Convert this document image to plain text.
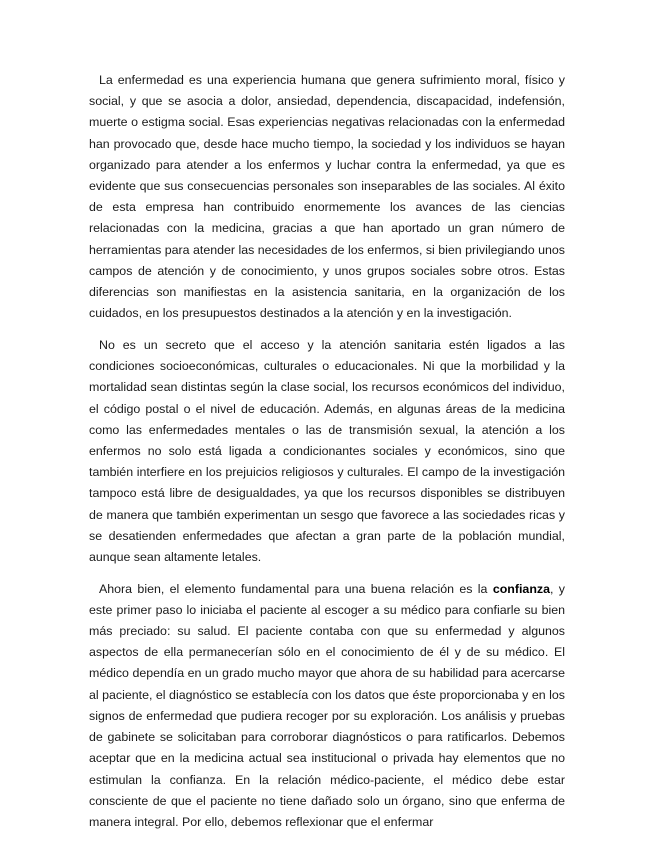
La enfermedad es una experiencia humana que genera sufrimiento moral, físico y social, y que se asocia a dolor, ansiedad, dependencia, discapacidad, indefensión, muerte o estigma social. Esas experiencias negativas relacionadas con la enfermedad han provocado que, desde hace mucho tiempo, la sociedad y los individuos se hayan organizado para atender a los enfermos y luchar contra la enfermedad, ya que es evidente que sus consecuencias personales son inseparables de las sociales. Al éxito de esta empresa han contribuido enormemente los avances de las ciencias relacionadas con la medicina, gracias a que han aportado un gran número de herramientas para atender las necesidades de los enfermos, si bien privilegiando unos campos de atención y de conocimiento, y unos grupos sociales sobre otros. Estas diferencias son manifiestas en la asistencia sanitaria, en la organización de los cuidados, en los presupuestos destinados a la atención y en la investigación.

No es un secreto que el acceso y la atención sanitaria estén ligados a las condiciones socioeconómicas, culturales o educacionales. Ni que la morbilidad y la mortalidad sean distintas según la clase social, los recursos económicos del individuo, el código postal o el nivel de educación. Además, en algunas áreas de la medicina como las enfermedades mentales o las de transmisión sexual, la atención a los enfermos no solo está ligada a condicionantes sociales y económicos, sino que también interfiere en los prejuicios religiosos y culturales. El campo de la investigación tampoco está libre de desigualdades, ya que los recursos disponibles se distribuyen de manera que también experimentan un sesgo que favorece a las sociedades ricas y se desatienden enfermedades que afectan a gran parte de la población mundial, aunque sean altamente letales.

Ahora bien, el elemento fundamental para una buena relación es la confianza, y este primer paso lo iniciaba el paciente al escoger a su médico para confiarle su bien más preciado: su salud. El paciente contaba con que su enfermedad y algunos aspectos de ella permanecerían sólo en el conocimiento de él y de su médico. El médico dependía en un grado mucho mayor que ahora de su habilidad para acercarse al paciente, el diagnóstico se establecía con los datos que éste proporcionaba y en los signos de enfermedad que pudiera recoger por su exploración. Los análisis y pruebas de gabinete se solicitaban para corroborar diagnósticos o para ratificarlos. Debemos aceptar que en la medicina actual sea institucional o privada hay elementos que no estimulan la confianza. En la relación médico-paciente, el médico debe estar consciente de que el paciente no tiene dañado solo un órgano, sino que enferma de manera integral. Por ello, debemos reflexionar que el enfermar
